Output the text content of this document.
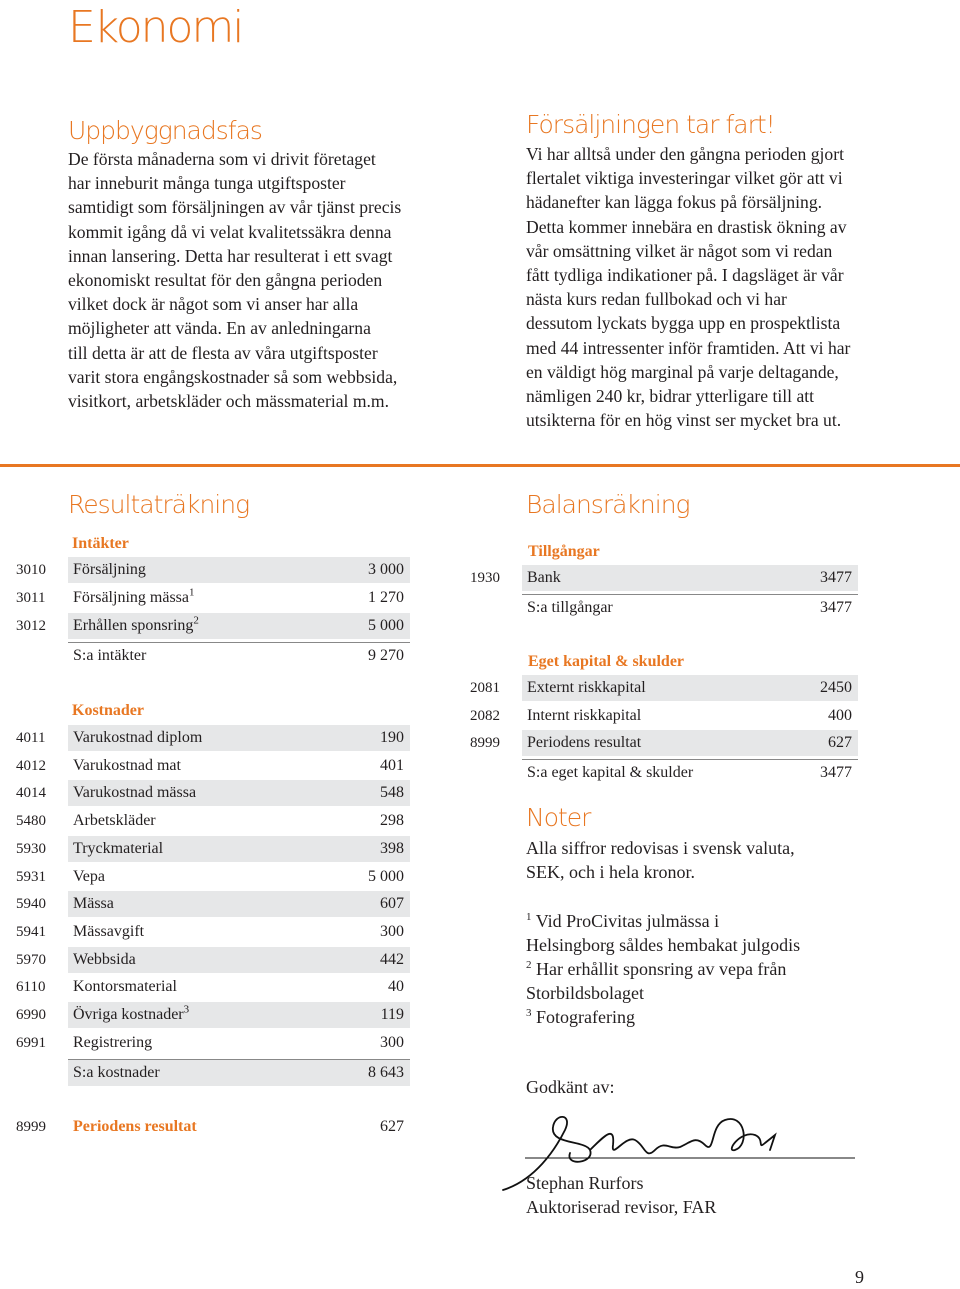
Ekonomi
Uppbyggnadsfas
De första månaderna som vi drivit företaget
har inneburit många tunga utgiftsposter
samtidigt som försäljningen av vår tjänst precis
kommit igång då vi velat kvalitetssäkra denna
innan lansering. Detta har resulterat i ett svagt
ekonomiskt resultat för den gångna perioden
vilket dock är något som vi anser har alla
möjligheter att vända. En av anledningarna
till detta är att de flesta av våra utgiftsposter
varit stora engångskostnader så som webbsida,
visitkort, arbetskläder och mässmaterial m.m.
Försäljningen tar fart!
Vi har alltså under den gångna perioden gjort
flertalet viktiga investeringar vilket gör att vi
hädanefter kan lägga fokus på försäljning.
Detta kommer innebära en drastisk ökning av
vår omsättning vilket är något som vi redan
fått tydliga indikationer på. I dagsläget är vår
nästa kurs redan fullbokad och vi har
dessutom lyckats bygga upp en prospektlista
med 44 intressenter inför framtiden. Att vi har
en väldigt hög marginal på varje deltagande,
nämligen 240 kr, bidrar ytterligare till att
utsikterna för en hög vinst ser mycket bra ut.
Resultaträkning
Intäkter
3010	Försäljning	3 000
3011	Försäljning mässa$^1$	1 270
3012	Erhållen sponsring$^2$	5 000
S:a intäkter	9 270
Kostnader
4011	Varukostnad diplom	190
4012	Varukostnad mat	401
4014	Varukostnad mässa	548
5480	Arbetskläder	298
5930	Tryckmaterial	398
5931	Vepa	5 000
5940	Mässa	607
5941	Mässavgift	300
5970	Webbsida	442
6110	Kontorsmaterial	40
6990	Övriga kostnader$^3$	119
6991	Registrering	300
S:a kostnader	8 643
8999	Periodens resultat	627
Balansräkning
Tillgångar
1930	Bank	3477
S:a tillgångar	3477
Eget kapital & skulder
2081	Externt riskkapital	2450
2082	Internt riskkapital	400
8999	Periodens resultat	627
S:a eget kapital & skulder	3477
Noter
Alla siffror redovisas i svensk valuta,
SEK, och i hela kronor.
$^1$ Vid ProCivitas julmässa i
Helsingborg såldes hembakat julgodis
$^2$ Har erhållit sponsring av vepa från
Storbildsbolaget
$^3$ Fotografering
Godkänt av:
Stephan Rurfors
Auktoriserad revisor, FAR
9
